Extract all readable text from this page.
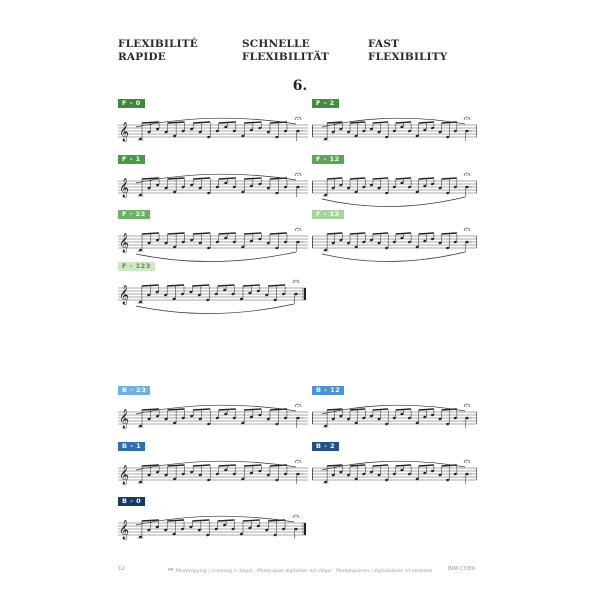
FLEXIBILITÉ
RAPIDE
SCHNELLE
FLEXIBILITÄT
FAST
FLEXIBILITY
6.
F - 0
𝄞
F - 2
F - 1
𝄞
F - 12
F - 23
𝄞
F - 13
F - 123
𝄞
B - 23
𝄞
B - 12
B - 1
𝄞
B - 2
B - 0
𝄞
12	✂ Photocopying / scanning is illegal · Photocopier-digitaliser est illégal · Photokopieren / digitalisieren ist verboten	BIM CO89
